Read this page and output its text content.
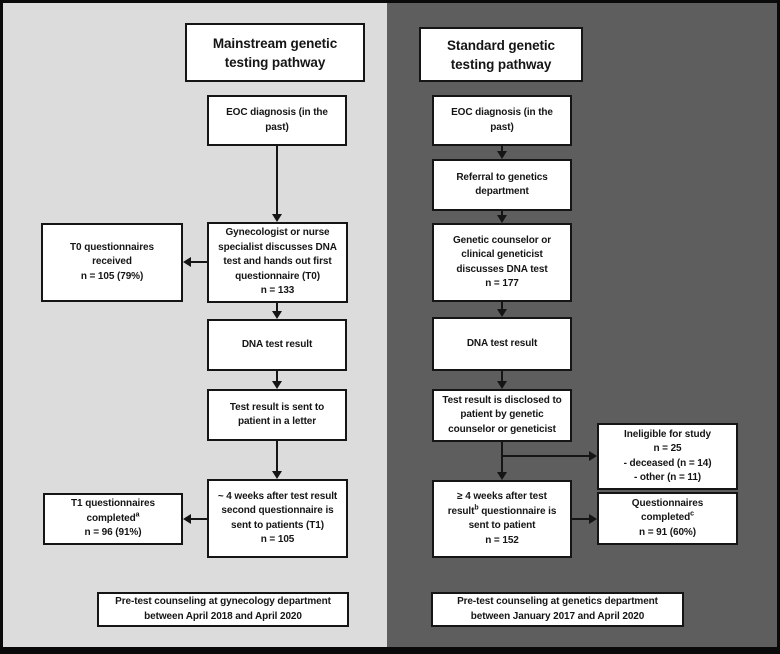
Mainstream genetic
testing pathway
EOC diagnosis (in the
past)
Gynecologist or nurse
specialist discusses DNA
test and hands out first
questionnaire (T0)
n = 133
T0 questionnaires
received
n = 105 (79%)
DNA test result
Test result is sent to
patient in a letter
~ 4 weeks after test result
second questionnaire is
sent to patients (T1)
n = 105
T1 questionnaires
completed$^a$
n = 96 (91%)
Pre-test counseling at gynecology department
between April 2018 and April 2020
Standard genetic
testing pathway
EOC diagnosis (in the
past)
Referral to genetics
department
Genetic counselor or
clinical geneticist
discusses DNA test
n = 177
DNA test result
Test result is disclosed to
patient by genetic
counselor or geneticist	Ineligible for study
n = 25
- deceased (n = 14)
- other (n = 11)
≥ 4 weeks after test
result$^b$ questionnaire is
sent to patient
n = 152
Questionnaires
completed$^c$
n = 91 (60%)
Pre-test counseling at genetics department
between January 2017 and April 2020
